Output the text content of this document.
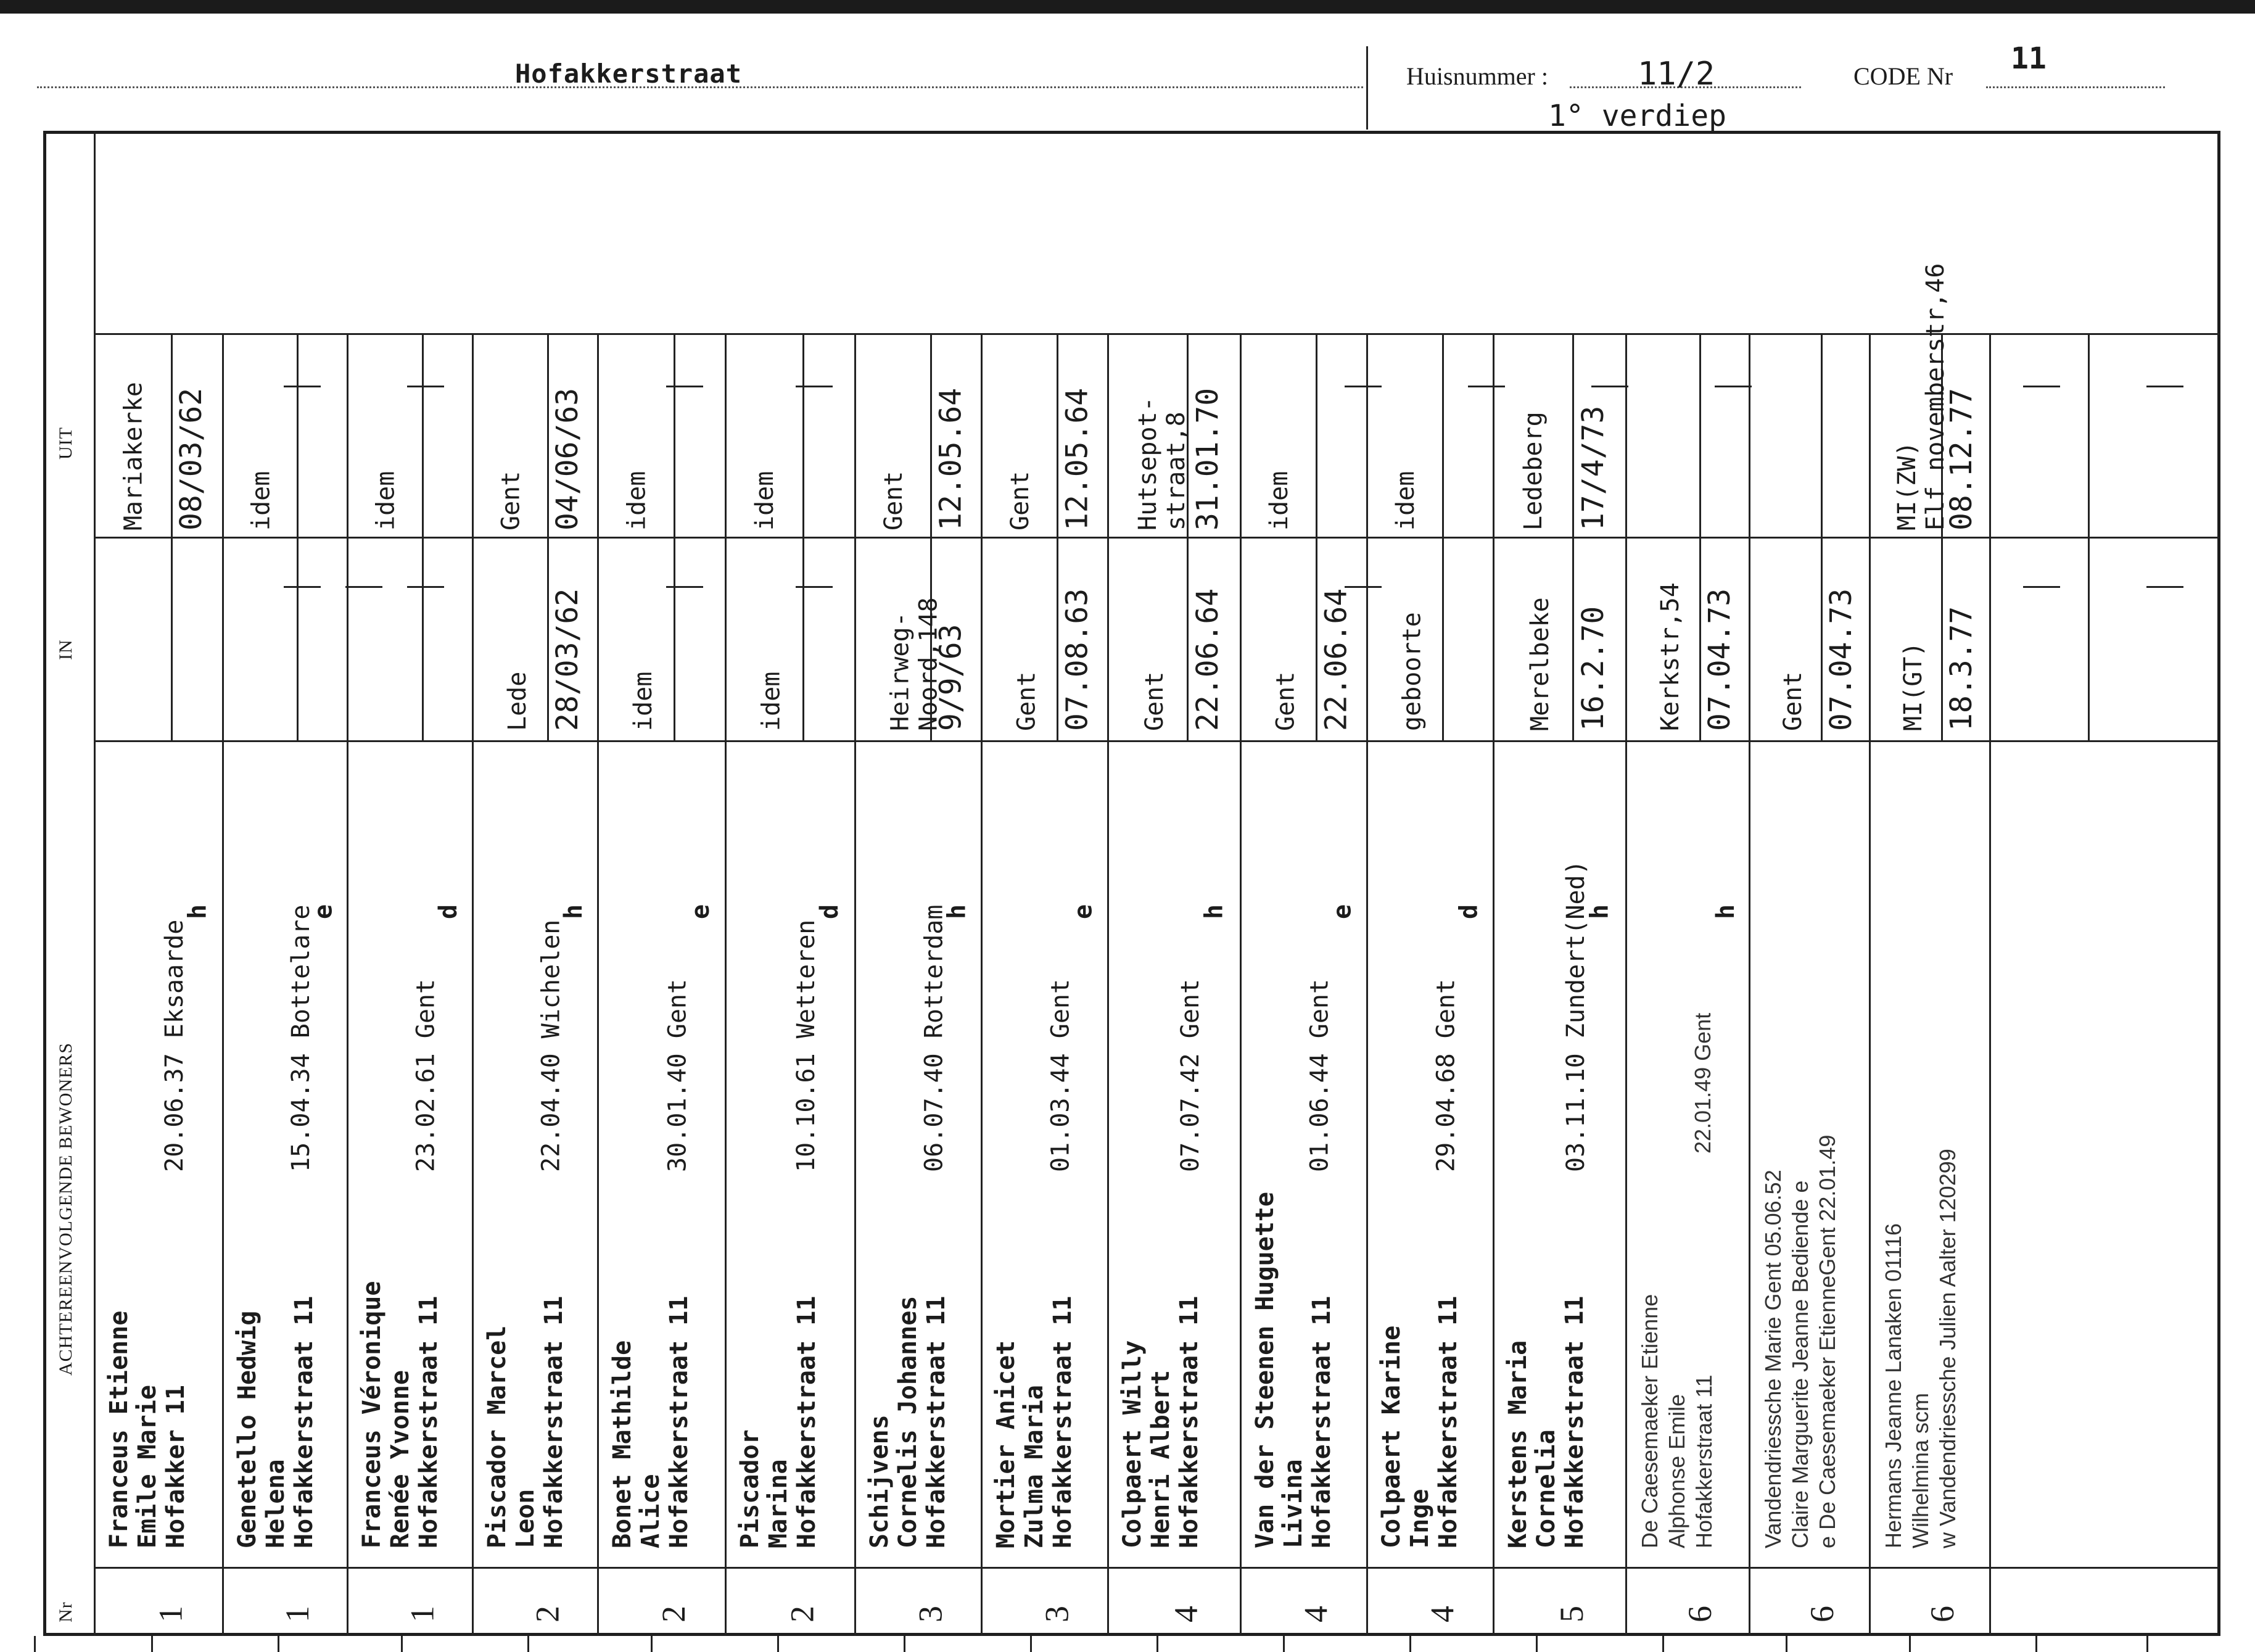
Hofakkerstraat	Huisnummer :	11/2
1° verdiep
CODE Nr
11
Nr
ACHTEREENVOLGENDE BEWONERS
IN
UIT
1
Franceus Etienne
Emile Marie
Hofakker 11
20.06.37 Eksaarde
h
Mariakerke 08/03/62
1
Genetello Hedwig
Helena
Hofakkerstraat 11
15.04.34 Bottelare
e
idem
1
Franceus Véronique
Renée Yvonne
Hofakkerstraat 11
23.02.61 Gent
d
idem
2
Piscador Marcel
Leon
Hofakkerstraat 11
22.04.40 Wichelen
h
Lede 28/03/62
Gent 04/06/63
2
Bonet Mathilde
Alice
Hofakkerstraat 11
30.01.40 Gent
e
idem
idem
2
Piscador
Marina
Hofakkerstraat 11
10.10.61 Wetteren
d
idem
idem
3
Schijvens
Cornelis Johannes
Hofakkerstraat 11
06.07.40 Rotterdam
h
Heirweg-
Noord,148
9/9/63
Gent 12.05.64
3
Mortier Anicet
Zulma Maria
Hofakkerstraat 11
01.03.44 Gent
e
Gent 07.08.63
Gent 12.05.64
4
Colpaert Willy
Henri Albert
Hofakkerstraat 11
07.07.42 Gent
h
Gent 22.06.64
Hutsepot-
straat,8 31.01.70
4
Van der Steenen Huguette
Livina
Hofakkerstraat 11
01.06.44 Gent
e
Gent 22.06.64
idem
4
Colpaert Karine
Inge
Hofakkerstraat 11
29.04.68 Gent
d
geboorte
idem
5
Kerstens Maria
Cornelia
Hofakkerstraat 11
03.11.10 Zundert(Ned)
h
Merelbeke 16.2.70
Ledeberg 17/4/73
6
De Caesemaeker Etienne
Alphonse Emile
Hofakkerstraat 11
22.01.49 Gent
h
Kerkstr,54 07.04.73
6
Vandendriessche Marie Gent 05.06.52
Claire Marguerite Jeanne Bediende e
e De Caesemaeker EtienneGent 22.01.49
Gent 07.04.73
6
Hermans Jeanne Lanaken 01116
Wilhelmina scm
w Vandendriessche Julien Aalter 120299
MI(GT) 18.3.77
MI(ZW)
Elf novemberstr,46
08.12.77
